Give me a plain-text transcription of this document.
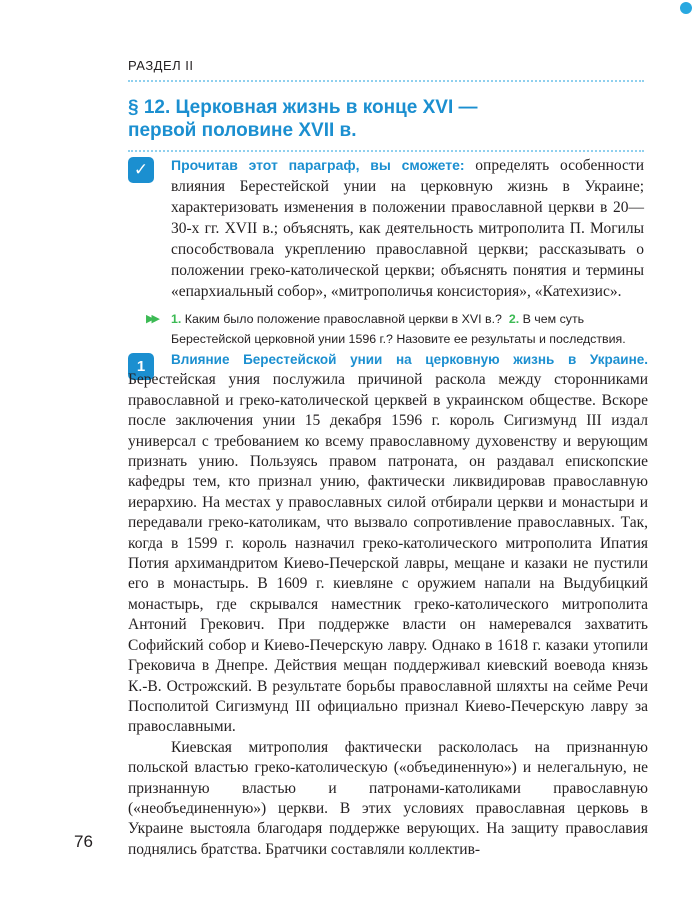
РАЗДЕЛ II
§ 12. Церковная жизнь в конце XVI —
первой половине XVII в.
✓	Прочитав этот параграф, вы сможете: определять особенности влияния Берестейской унии на церковную жизнь в Украине; характеризовать изменения в положении православной церкви в 20—30-х гг. XVII в.; объяснять, как деятельность митрополита П. Могилы способствовала укреплению православной церкви; рассказывать о положении греко-католической церкви; объяснять понятия и термины «епархиальный собор», «митрополичья консистория», «Катехизис».
▶▶	1. Каким было положение православной церкви в XVI в.? 2. В чем суть Берестейской церковной унии 1596 г.? Назовите ее результаты и последствия.
1	Влияние Берестейской унии на церковную жизнь в Украине. Берестейская уния послужила причиной раскола между сторонниками православной и греко-католической церквей в украинском обществе. Вскоре после заключения унии 15 декабря 1596 г. король Сигизмунд III издал универсал с требованием ко всему православному духовенству и верующим признать унию. Пользуясь правом патроната, он раздавал епископские кафедры тем, кто признал унию, фактически ликвидировав православную иерархию. На местах у православных силой отбирали церкви и монастыри и передавали греко-католикам, что вызвало сопротивление православных. Так, когда в 1599 г. король назначил греко-католического митрополита Ипатия Потия архимандритом Киево-Печерской лавры, мещане и казаки не пустили его в монастырь. В 1609 г. киевляне с оружием напали на Выдубицкий монастырь, где скрывался наместник греко-католического митрополита Антоний Грекович. При поддержке власти он намеревался захватить Софийский собор и Киево-Печерскую лавру. Однако в 1618 г. казаки утопили Грековича в Днепре. Действия мещан поддерживал киевский воевода князь К.-В. Острожский. В результате борьбы православной шляхты на сейме Речи Посполитой Сигизмунд III официально признал Киево-Печерскую лавру за православными.

Киевская митрополия фактически раскололась на признанную польской властью греко-католическую («объединенную») и нелегальную, не признанную властью и патронами-католиками православную («необъединенную») церкви. В этих условиях православная церковь в Украине выстояла благодаря поддержке верующих. На защиту православия поднялись братства. Братчики составляли коллектив-

76
